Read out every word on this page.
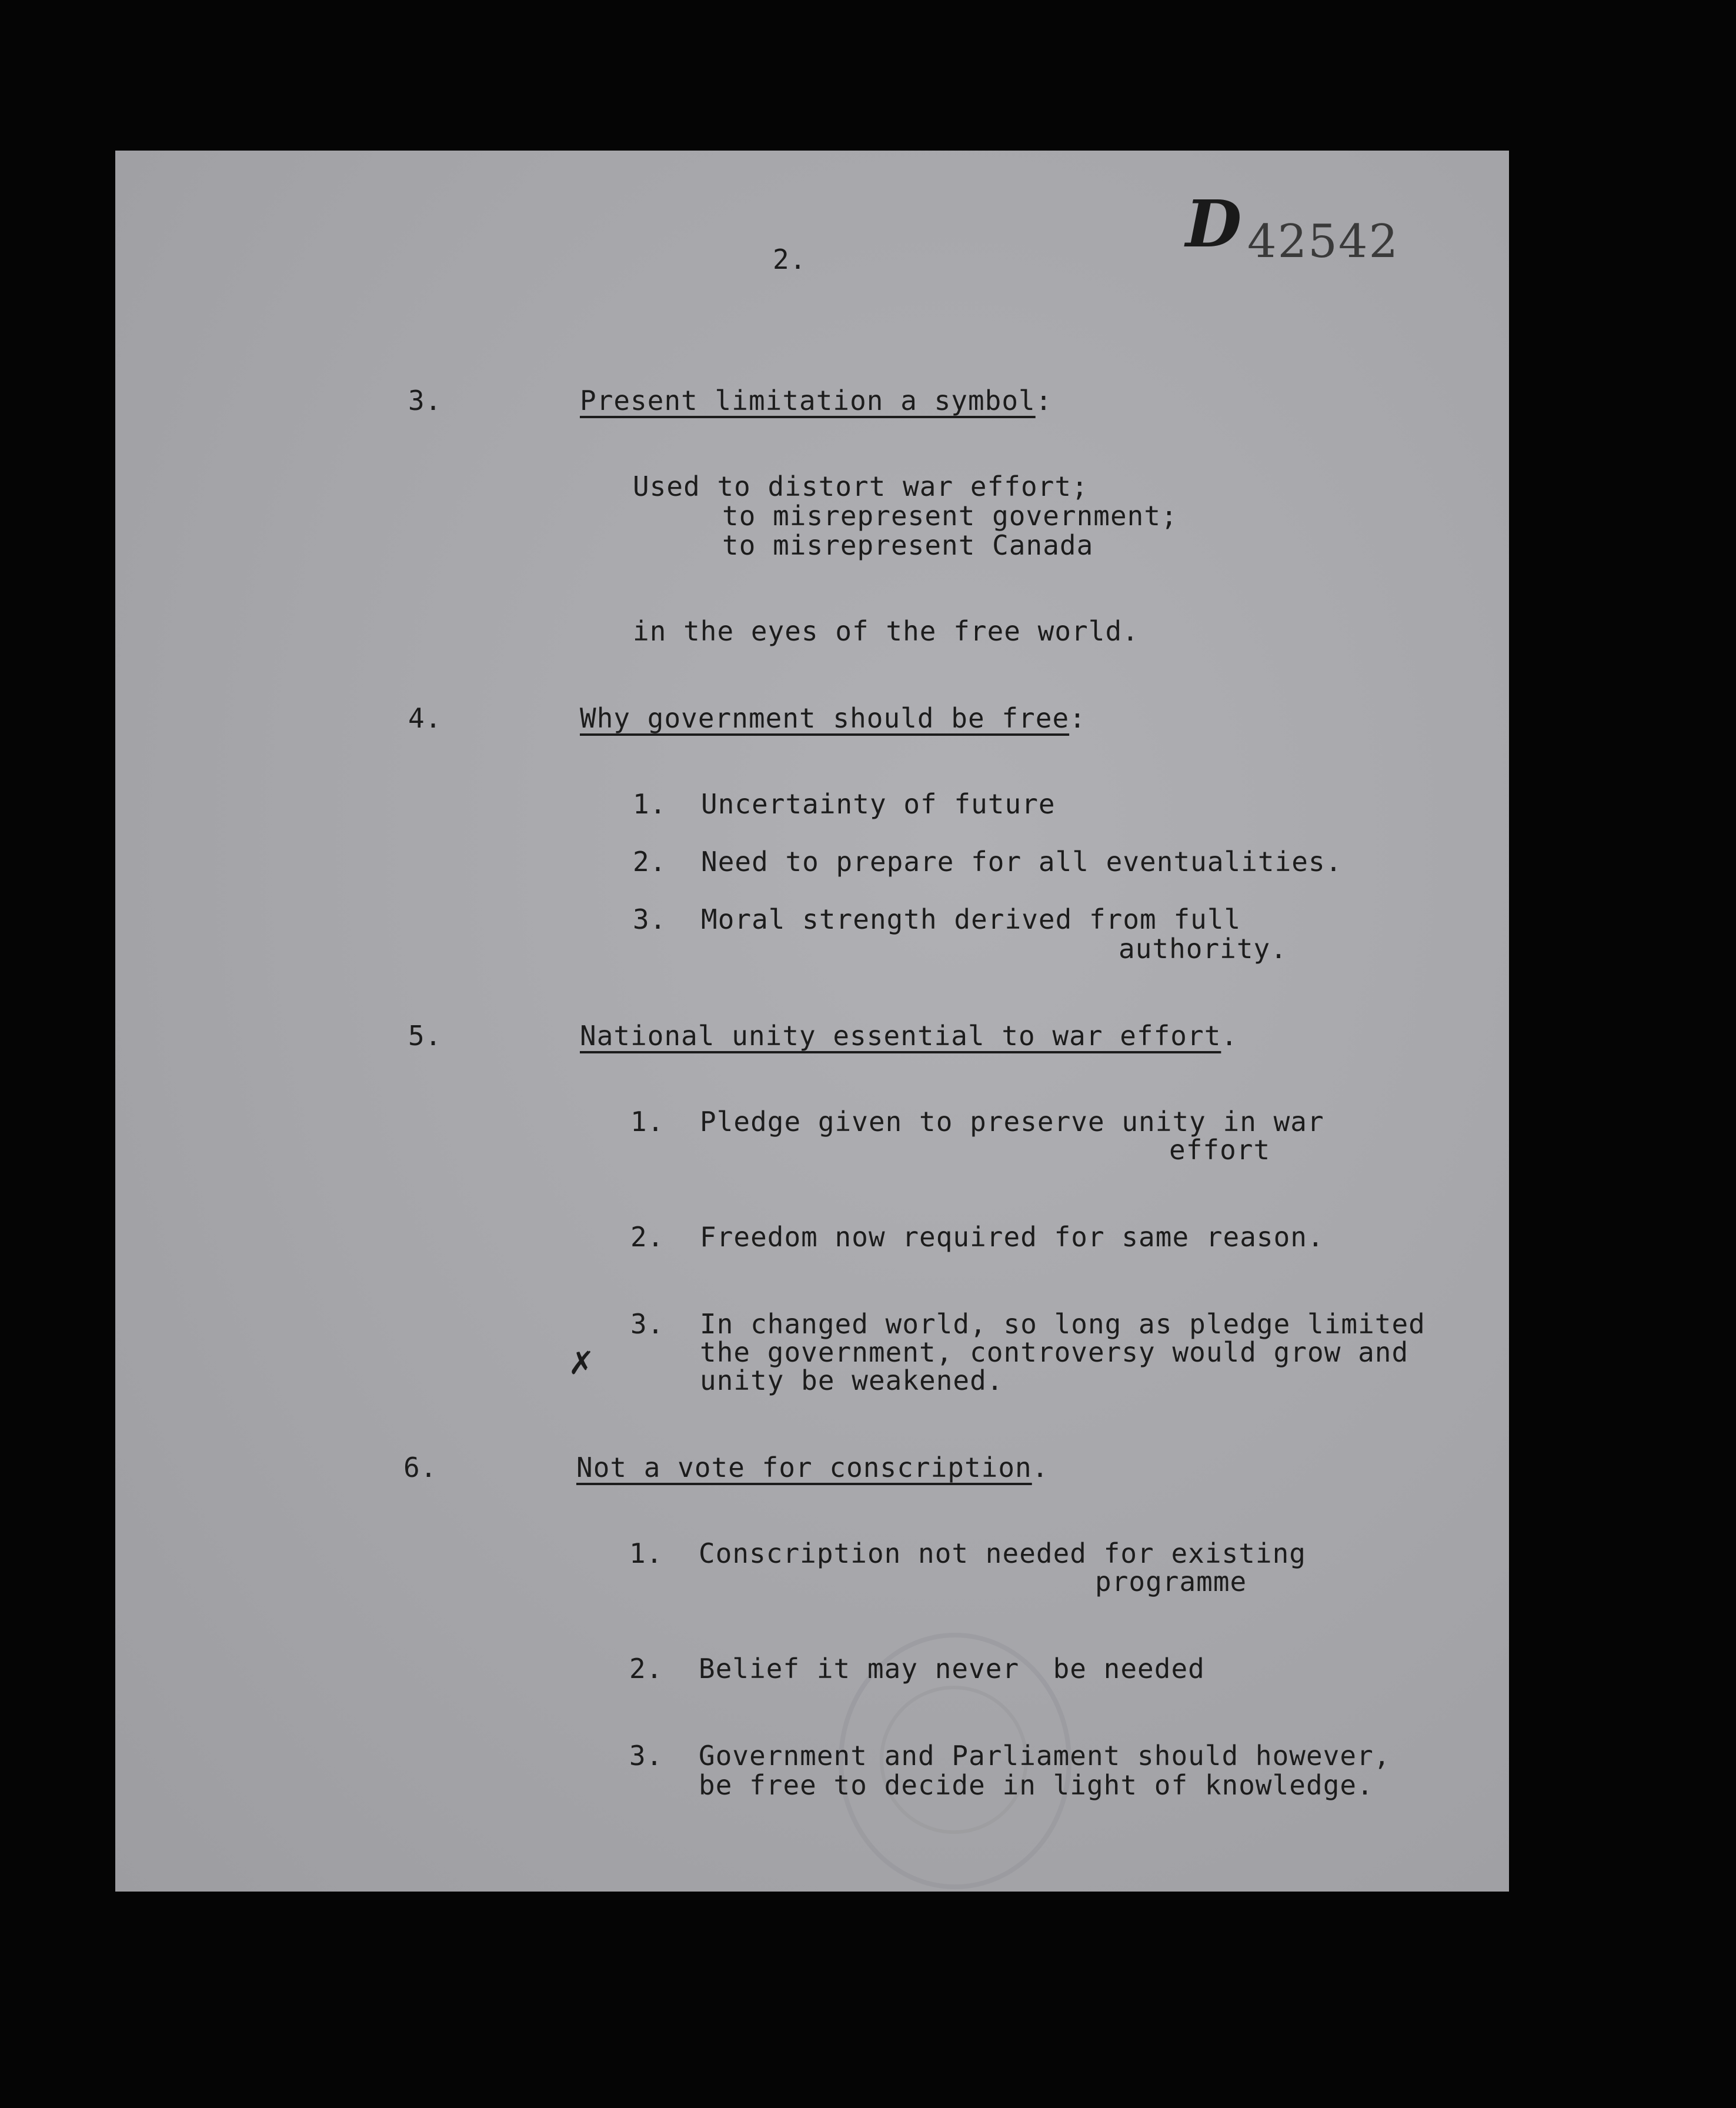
D 42542

2.

3.	Present limitation a symbol:

Used to distort war effort;

to misrepresent government;

to misrepresent Canada

in the eyes of the free world.

4.	Why government should be free:

1. Uncertainty of future

2. Need to prepare for all eventualities.

3. Moral strength derived from full

authority.

5.	National unity essential to war effort.

1. Pledge given to preserve unity in war

effort

2. Freedom now required for same reason.

3. In changed world, so long as pledge limited

the government, controversy would grow and

unity be weakened.

✗

6.	Not a vote for conscription.

1. Conscription not needed for existing

programme

2. Belief it may never  be needed

3. Government and Parliament should however,

be free to decide in light of knowledge.
